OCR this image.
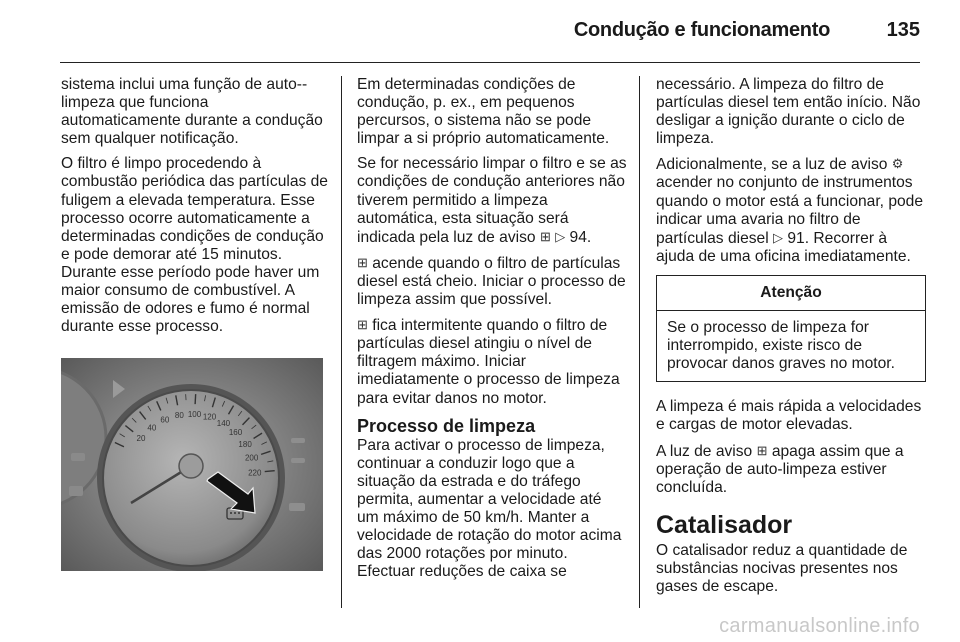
Condução e funcionamento	135

sistema inclui uma função de auto--limpeza que funciona automaticamente durante a condução sem qualquer notificação.

O filtro é limpo procedendo à combustão periódica das partículas de fuligem a elevada temperatura. Esse processo ocorre automaticamente a determinadas condições de condução e pode demorar até 15 minutos. Durante esse período pode haver um maior consumo de combustível. A emissão de odores e fumo é normal durante esse processo.

20
40
60
80 100 120
140
160
180
200
220

Em determinadas condições de condução, p. ex., em pequenos percursos, o sistema não se pode limpar a si próprio automaticamente.

Se for necessário limpar o filtro e se as condições de condução anteriores não tiverem permitido a limpeza automática, esta situação será indicada pela luz de aviso ⊞ ▷ 94.

⊞ acende quando o filtro de partículas diesel está cheio. Iniciar o processo de limpeza assim que possível.

⊞ fica intermitente quando o filtro de partículas diesel atingiu o nível de filtragem máximo. Iniciar imediatamente o processo de limpeza para evitar danos no motor.

Processo de limpeza

Para activar o processo de limpeza, continuar a conduzir logo que a situação da estrada e do tráfego permita, aumentar a velocidade até um máximo de 50 km/h. Manter a velocidade de rotação do motor acima das 2000 rotações por minuto. Efectuar reduções de caixa se

necessário. A limpeza do filtro de partículas diesel tem então início. Não desligar a ignição durante o ciclo de limpeza.

Adicionalmente, se a luz de aviso ⚙ acender no conjunto de instrumentos quando o motor está a funcionar, pode indicar uma avaria no filtro de partículas diesel ▷ 91. Recorrer à ajuda de uma oficina imediatamente.

Atenção
Se o processo de limpeza for interrompido, existe risco de provocar danos graves no motor.

A limpeza é mais rápida a velocidades e cargas de motor elevadas.

A luz de aviso ⊞ apaga assim que a operação de auto-limpeza estiver concluída.

Catalisador

O catalisador reduz a quantidade de substâncias nocivas presentes nos gases de escape.

carmanualsonline.info
